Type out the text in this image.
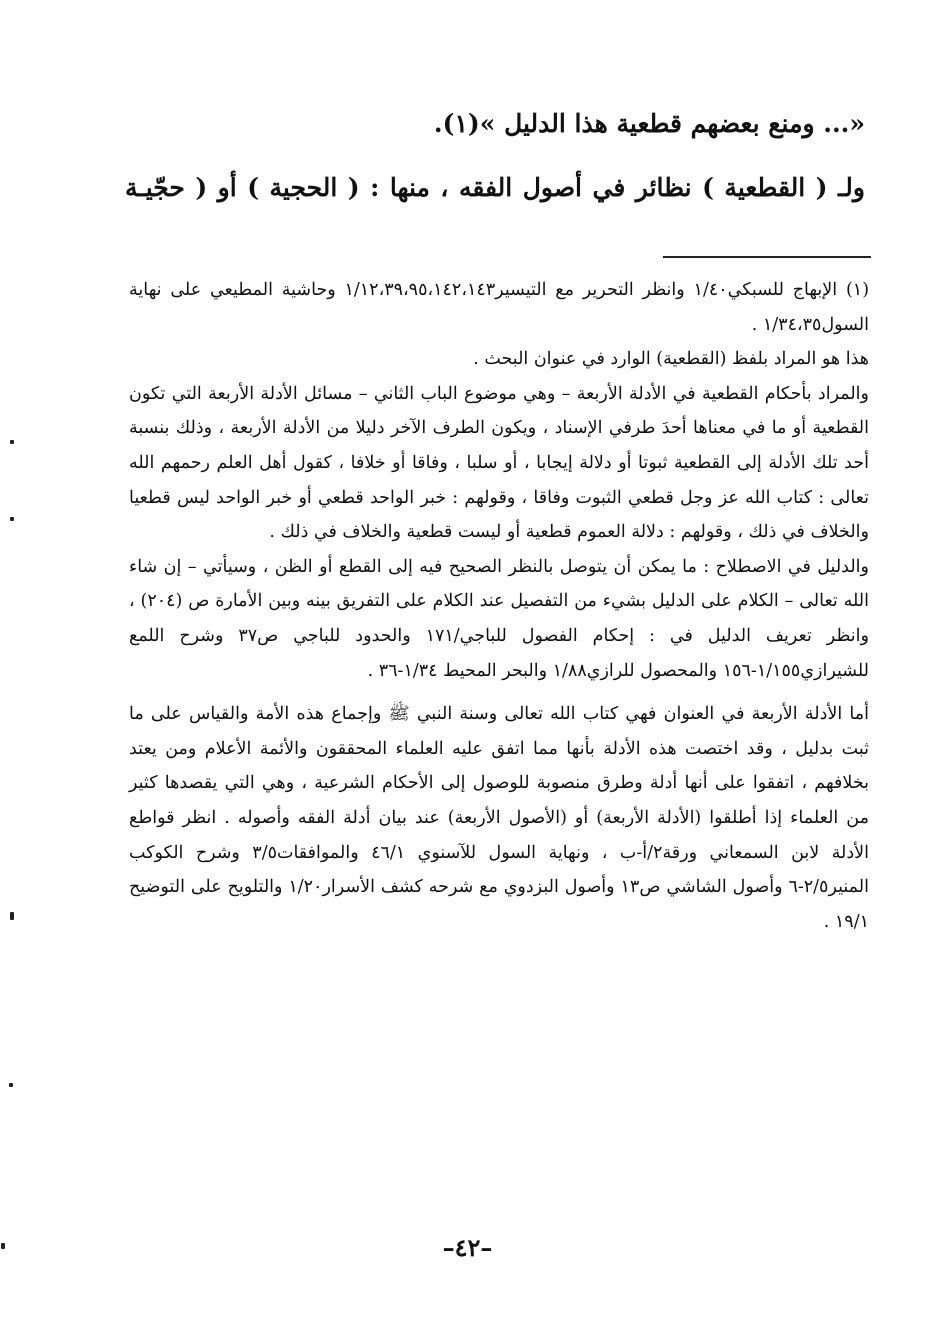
«... ومنع بعضهم قطعية هذا الدليل »(١).
ولـ ( القطعية ) نظائر في أصول الفقه ، منها : ( الحجية ) أو ( حجّيـة

(١) الإبهاج للسبكي١/٤٠ وانظر التحرير مع التيسير١/١٢،٣٩،٩٥،١٤٢،١٤٣ وحاشية المطيعي على نهاية السول١/٣٤،٣٥ .

هذا هو المراد بلفظ (القطعية) الوارد في عنوان البحث .

والمراد بأحكام القطعية في الأدلة الأربعة – وهي موضوع الباب الثاني – مسائل الأدلة الأربعة التي تكون القطعية أو ما في معناها أحدَ طرفي الإسناد ، ويكون الطرف الآخر دليلا من الأدلة الأربعة ، وذلك بنسبة أحد تلك الأدلة إلى القطعية ثبوتا أو دلالة إيجابا ، أو سلبا ، وفاقا أو خلافا ، كقول أهل العلم رحمهم الله تعالى : كتاب الله عز وجل قطعي الثبوت وفاقا ، وقولهم : خبر الواحد قطعي أو خبر الواحد ليس قطعيا والخلاف في ذلك ، وقولهم : دلالة العموم قطعية أو ليست قطعية والخلاف في ذلك .

والدليل في الاصطلاح : ما يمكن أن يتوصل بالنظر الصحيح فيه إلى القطع أو الظن ، وسيأتي – إن شاء الله تعالى – الكلام على الدليل بشيء من التفصيل عند الكلام على التفريق بينه وبين الأمارة ص (٢٠٤) ، وانظر تعريف الدليل في : إحكام الفصول للباجي/١٧١ والحدود للباجي ص٣٧ وشرح اللمع للشيرازي١/١٥٥-١٥٦ والمحصول للرازي١/٨٨ والبحر المحيط ١/٣٤-٣٦ .

أما الأدلة الأربعة في العنوان فهي كتاب الله تعالى وسنة النبي ﷺ وإجماع هذه الأمة والقياس على ما ثبت بدليل ، وقد اختصت هذه الأدلة بأنها مما اتفق عليه العلماء المحققون والأئمة الأعلام ومن يعتد بخلافهم ، اتفقوا على أنها أدلة وطرق منصوبة للوصول إلى الأحكام الشرعية ، وهي التي يقصدها كثير من العلماء إذا أطلقوا (الأدلة الأربعة) أو (الأصول الأربعة) عند بيان أدلة الفقه وأصوله . انظر قواطع الأدلة لابن السمعاني ورقة٢/أ-ب ، ونهاية السول للآسنوي ٤٦/١ والموافقات٣/٥ وشرح الكوكب المنير٢/٥-٦ وأصول الشاشي ص١٣ وأصول البزدوي مع شرحه كشف الأسرار١/٢٠ والتلويح على التوضيح ١٩/١ .

–٤٢–
